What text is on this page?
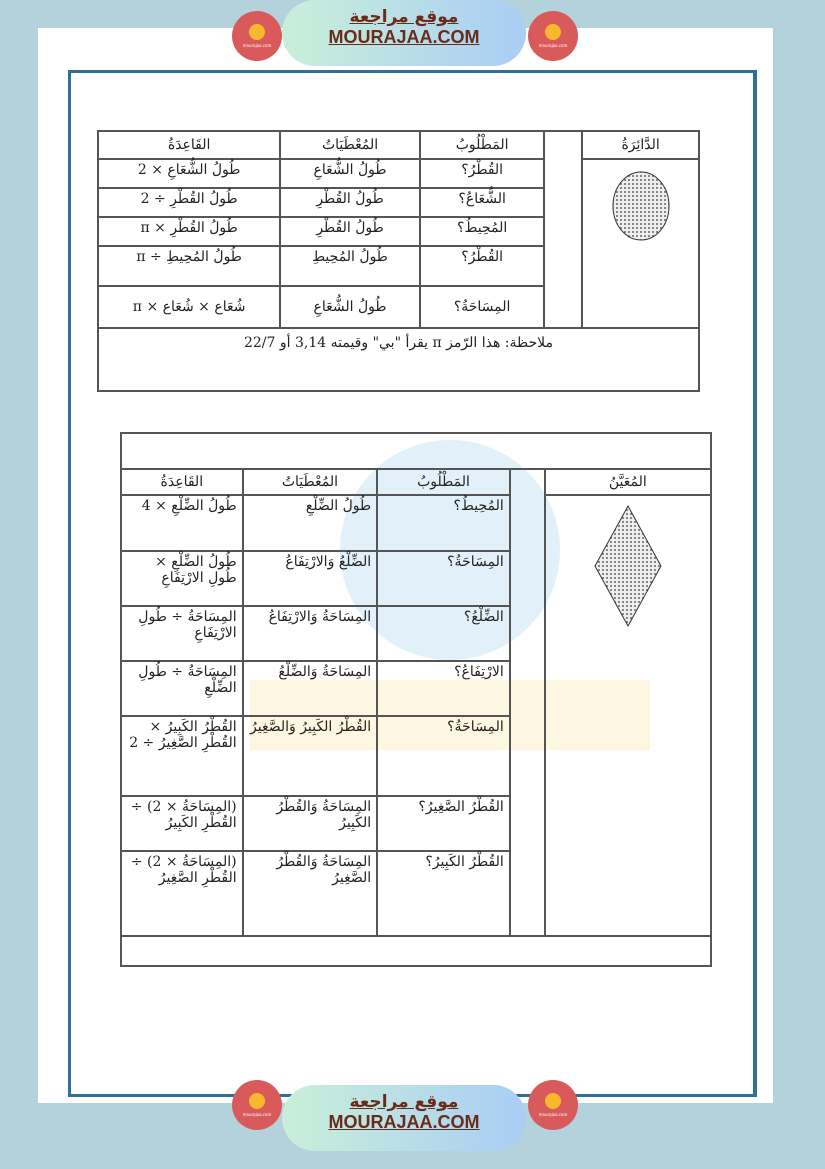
mourajaa.com
موقع مراجعة
MOURAJAA.COM	mourajaa.com
الدَّائِرَةُ		المَطْلُوبُ	المُعْطَيَاتُ	القَاعِدَةُ
	القُطْرُ؟	طُولُ الشُّعَاعِ	طُولُ الشُّعَاعِ × 2
		الشُّعَاعُ؟	طُولُ القُطْرِ	طُولُ القُطْرِ ÷ 2
		المُحِيطُ؟	طُولُ القُطْرِ	طُولُ القُطْرِ × π
		القُطْرُ؟	طُولُ المُحِيطِ	طُولُ المُحِيطِ ÷ π
		المِسَاحَةُ؟	طُولُ الشُّعَاعِ	شُعَاع × شُعَاع × π
ملاحظة: هذا الرّمز π يقرأ "بي" وقيمته 3,14 أو 22/7				

المُعَيَّنُ		المَطْلُوبُ	المُعْطَيَاتُ	القَاعِدَةُ
	المُحِيطُ؟	طُولُ الضِّلْعِ	طُولُ الضِّلْعِ × 4
		المِسَاحَةُ؟	الضِّلْعُ وَالارْتِفَاعُ	طُولُ الضِّلْعِ × طُولِ الارْتِفَاعِ
		الضِّلْعُ؟	المِسَاحَةُ وَالارْتِفَاعُ	المِسَاحَةُ ÷ طُولِ الارْتِفَاعِ
		الارْتِفَاعُ؟	المِسَاحَةُ وَالضِّلْعُ	المِسَاحَةُ ÷ طُولِ الضِّلْعِ
		المِسَاحَةُ؟	القُطْرُ الكَبِيرُ وَالصَّغِيرُ	القُطْرُ الكَبِيرُ × القُطْرِ الصَّغِيرُ ÷ 2
		القُطْرُ الصَّغِيرُ؟	المِسَاحَةُ وَالقُطْرُ الكَبِيرُ	(المِسَاحَةُ × 2) ÷ القُطْرِ الكَبِيرُ
		القُطْرُ الكَبِيرُ؟	المِسَاحَةُ وَالقُطْرُ الصَّغِيرُ	(المِسَاحَةُ × 2) ÷ القُطْرِ الصَّغِيرُ

mourajaa.com
موقع مراجعة
MOURAJAA.COM	mourajaa.com
